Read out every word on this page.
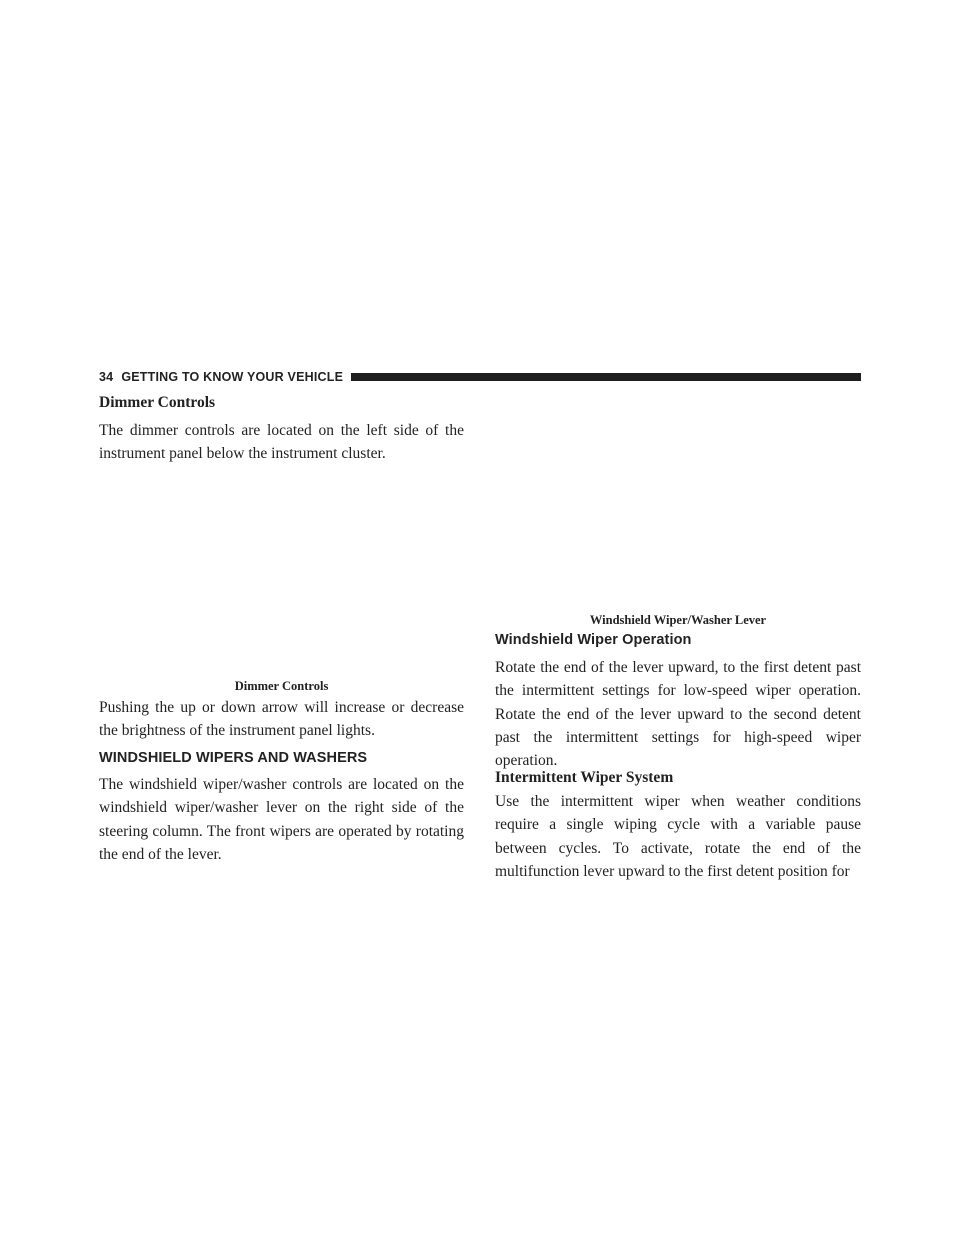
34 GETTING TO KNOW YOUR VEHICLE
Dimmer Controls
The dimmer controls are located on the left side of the instrument panel below the instrument cluster.
Dimmer Controls
Pushing the up or down arrow will increase or decrease the brightness of the instrument panel lights.
WINDSHIELD WIPERS AND WASHERS
The windshield wiper/washer controls are located on the windshield wiper/washer lever on the right side of the steering column. The front wipers are operated by rotating the end of the lever.
Windshield Wiper/Washer Lever
Windshield Wiper Operation
Rotate the end of the lever upward, to the first detent past the intermittent settings for low-speed wiper operation. Rotate the end of the lever upward to the second detent past the intermittent settings for high-speed wiper operation.
Intermittent Wiper System
Use the intermittent wiper when weather conditions require a single wiping cycle with a variable pause between cycles. To activate, rotate the end of the multifunction lever upward to the first detent position for
